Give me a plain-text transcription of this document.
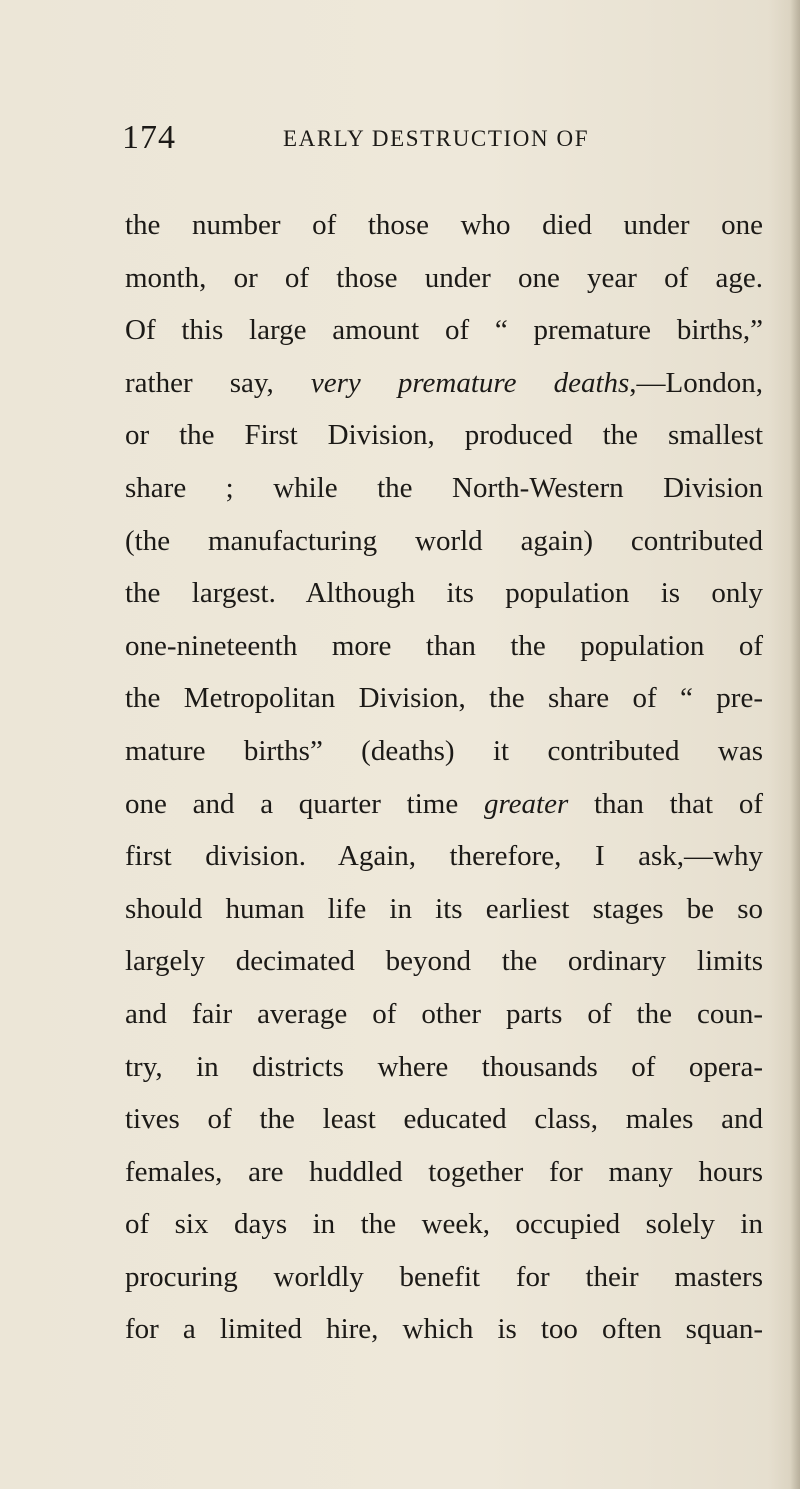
174	EARLY DESTRUCTION OF
the number of those who died under one
month, or of those under one year of age.
Of this large amount of “ premature births,”
rather say, very premature deaths,—London,
or the First Division, produced the smallest
share ; while the North-Western Division
(the manufacturing world again) contributed
the largest. Although its population is only
one-nineteenth more than the population of
the Metropolitan Division, the share of “ pre-
mature births” (deaths) it contributed was
one and a quarter time greater than that of
first division. Again, therefore, I ask,—why
should human life in its earliest stages be so
largely decimated beyond the ordinary limits
and fair average of other parts of the coun-
try, in districts where thousands of opera-
tives of the least educated class, males and
females, are huddled together for many hours
of six days in the week, occupied solely in
procuring worldly benefit for their masters
for a limited hire, which is too often squan-
